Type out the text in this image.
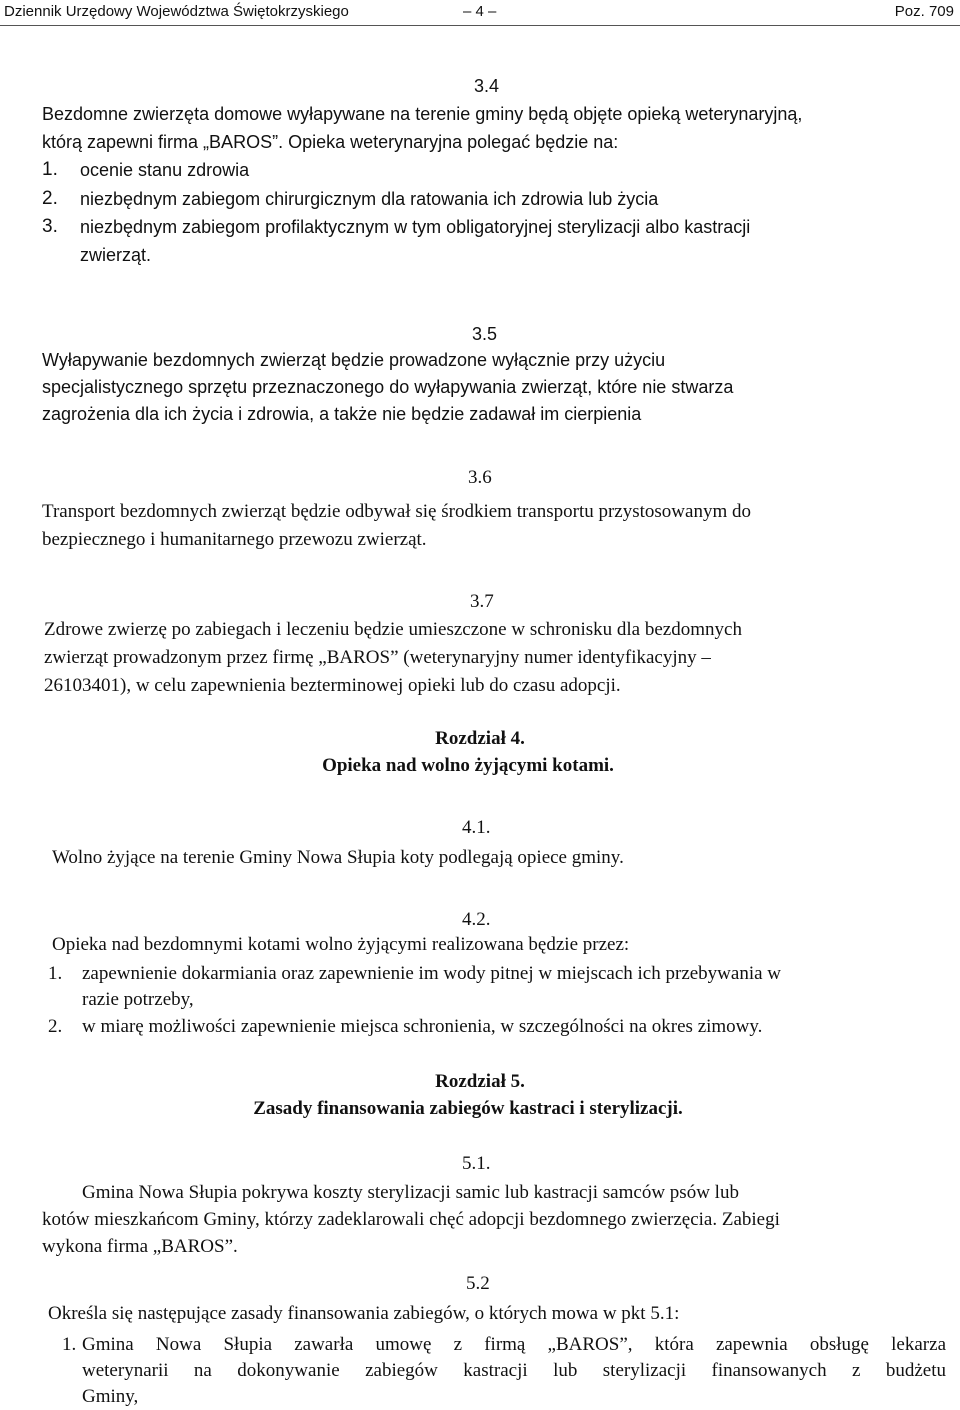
Dziennik Urzędowy Województwa Świętokrzyskiego	– 4 –	Poz. 709
3.4
Bezdomne zwierzęta domowe wyłapywane na terenie gminy będą objęte opieką weterynaryjną,
którą zapewni firma „BAROS”. Opieka weterynaryjna polegać będzie na:
1. ocenie stanu zdrowia
2. niezbędnym zabiegom chirurgicznym dla ratowania ich zdrowia lub życia
3. niezbędnym zabiegom profilaktycznym w tym obligatoryjnej sterylizacji albo kastracji
zwierząt.
3.5
Wyłapywanie bezdomnych zwierząt będzie prowadzone wyłącznie przy użyciu
specjalistycznego sprzętu przeznaczonego do wyłapywania zwierząt, które nie stwarza
zagrożenia dla ich życia i zdrowia, a także nie będzie zadawał im cierpienia
3.6
Transport bezdomnych zwierząt będzie odbywał się środkiem transportu przystosowanym do
bezpiecznego i humanitarnego przewozu zwierząt.
3.7
Zdrowe zwierzę po zabiegach i leczeniu będzie umieszczone w schronisku dla bezdomnych
zwierząt prowadzonym przez firmę „BAROS” (weterynaryjny numer identyfikacyjny –
26103401), w celu zapewnienia bezterminowej opieki lub do czasu adopcji.
Rozdział 4.
Opieka nad wolno żyjącymi kotami.
4.1.
Wolno żyjące na terenie Gminy Nowa Słupia koty podlegają opiece gminy.
4.2.
Opieka nad bezdomnymi kotami wolno żyjącymi realizowana będzie przez:
1. zapewnienie dokarmiania oraz zapewnienie im wody pitnej w miejscach ich przebywania w
razie potrzeby,
2. w miarę możliwości zapewnienie miejsca schronienia, w szczególności na okres zimowy.
Rozdział 5.
Zasady finansowania zabiegów kastraci i sterylizacji.
5.1.
Gmina Nowa Słupia pokrywa koszty sterylizacji samic lub kastracji samców psów lub
kotów mieszkańcom Gminy, którzy zadeklarowali chęć adopcji bezdomnego zwierzęcia. Zabiegi
wykona firma „BAROS”.
5.2
Określa się następujące zasady finansowania zabiegów, o których mowa w pkt 5.1:
1. Gmina Nowa Słupia zawarła umowę z firmą „BAROS”, która zapewnia obsługę lekarza
weterynarii na dokonywanie zabiegów kastracji lub sterylizacji finansowanych z budżetu
Gminy,
